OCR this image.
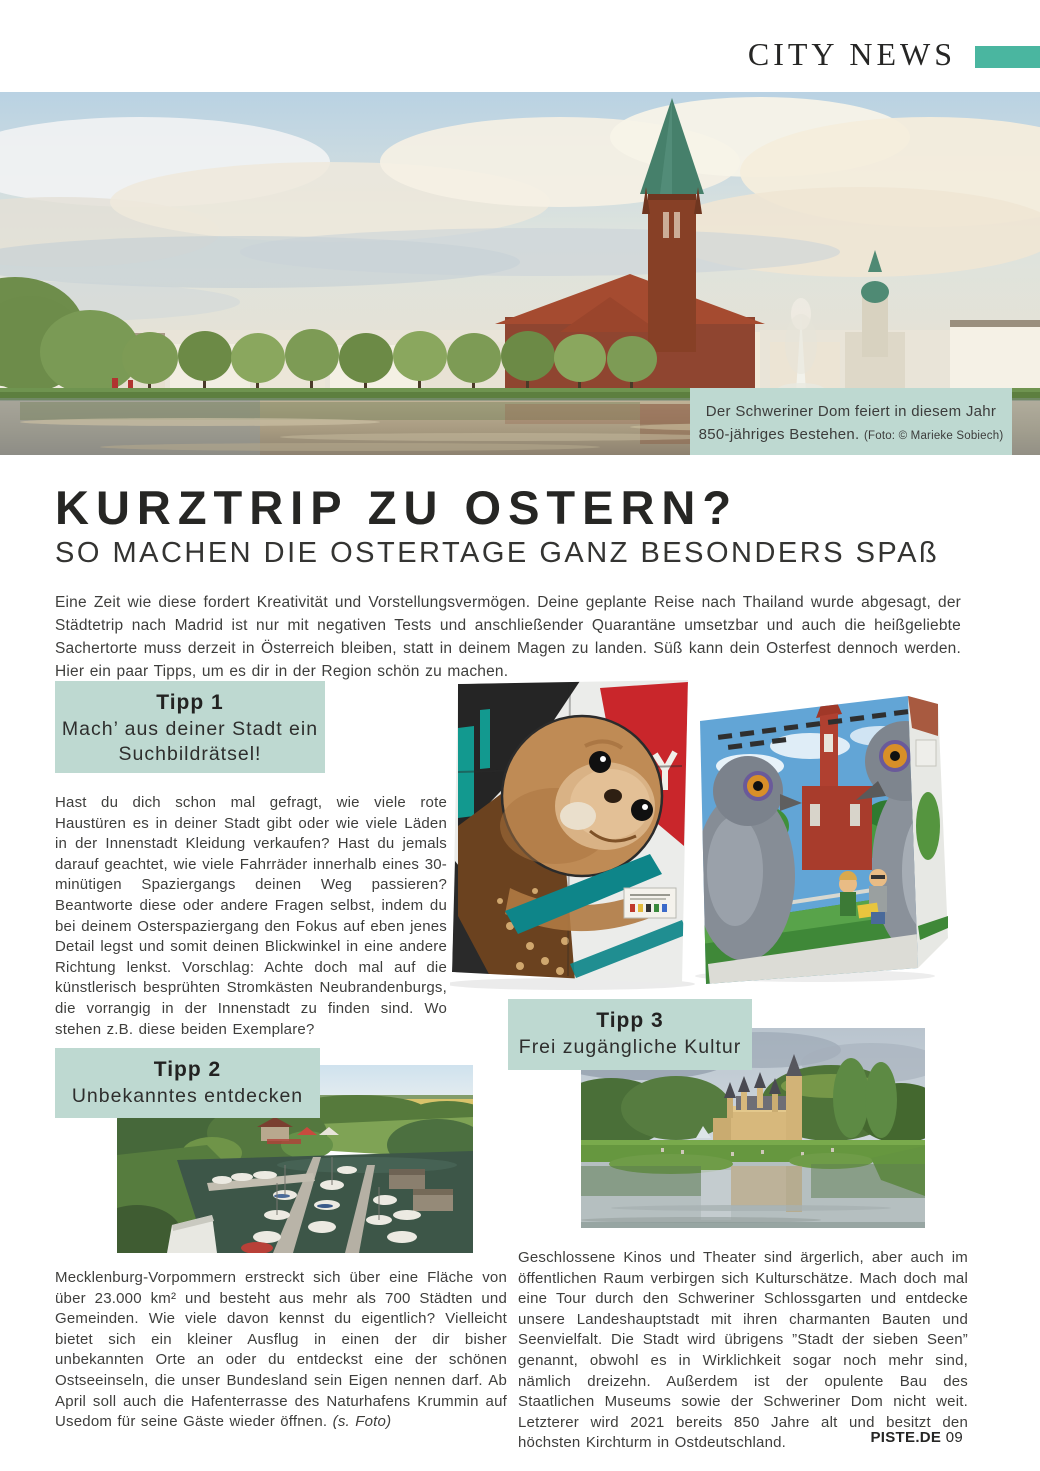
CITY NEWS
Der Schweriner Dom feiert in diesem Jahr
850-jähriges Bestehen. (Foto: © Marieke Sobiech)
KURZTRIP ZU OSTERN?
SO MACHEN DIE OSTERTAGE GANZ BESONDERS SPAß

Eine Zeit wie diese fordert Kreativität und Vorstellungsvermögen. Deine geplante Reise nach Thailand wurde abgesagt, der Städtetrip nach Madrid ist nur mit negativen Tests und anschließender Quarantäne umsetzbar und auch die heißgeliebte Sachertorte muss derzeit in Österreich bleiben, statt in deinem Magen zu landen. Süß kann dein Osterfest dennoch werden. Hier ein paar Tipps, um es dir in der Region schön zu machen.

Tipp 1
Mach’ aus deiner Stadt ein Suchbildrätsel!

Hast du dich schon mal gefragt, wie viele rote Haustüren es in deiner Stadt gibt oder wie viele Läden in der Innenstadt Kleidung verkaufen? Hast du jemals darauf geachtet, wie viele Fahrräder innerhalb eines 30-minütigen Spaziergangs deinen Weg passieren? Beantworte diese oder andere Fragen selbst, indem du bei deinem Osterspaziergang den Fokus auf eben jenes Detail legst und somit deinen Blickwinkel in eine andere Richtung lenkst. Vorschlag: Achte doch mal auf die künstlerisch besprühten Stromkästen Neubrandenburgs, die vorrangig in der Innenstadt zu finden sind. Wo stehen z.B. diese beiden Exemplare?	Tipp 3
Frei zugängliche Kultur
Tipp 2
Unbekanntes entdecken

Mecklenburg-Vorpommern erstreckt sich über eine Fläche von über 23.000 km² und besteht aus mehr als 700 Städten und Gemeinden. Wie viele davon kennst du eigentlich? Vielleicht bietet sich ein kleiner Ausflug in einen der dir bisher unbekannten Orte an oder du entdeckst eine der schönen Ostseeinseln, die unser Bundesland sein Eigen nennen darf. Ab April soll auch die Hafenterrasse des Naturhafens Krummin auf Usedom für seine Gäste wieder öffnen. (s. Foto)

Geschlossene Kinos und Theater sind ärgerlich, aber auch im öffentlichen Raum verbirgen sich Kulturschätze. Mach doch mal eine Tour durch den Schweriner Schlossgarten und entdecke unsere Landeshauptstadt mit ihren charmanten Bauten und Seenvielfalt. Die Stadt wird übrigens ”Stadt der sieben Seen” genannt, obwohl es in Wirklichkeit sogar noch mehr sind, nämlich dreizehn. Außerdem ist der opulente Bau des Staatlichen Museums sowie der Schweriner Dom nicht weit. Letzterer wird 2021 bereits 850 Jahre alt und besitzt den höchsten Kirchturm in Ostdeutschland.	PISTE.DE 09
